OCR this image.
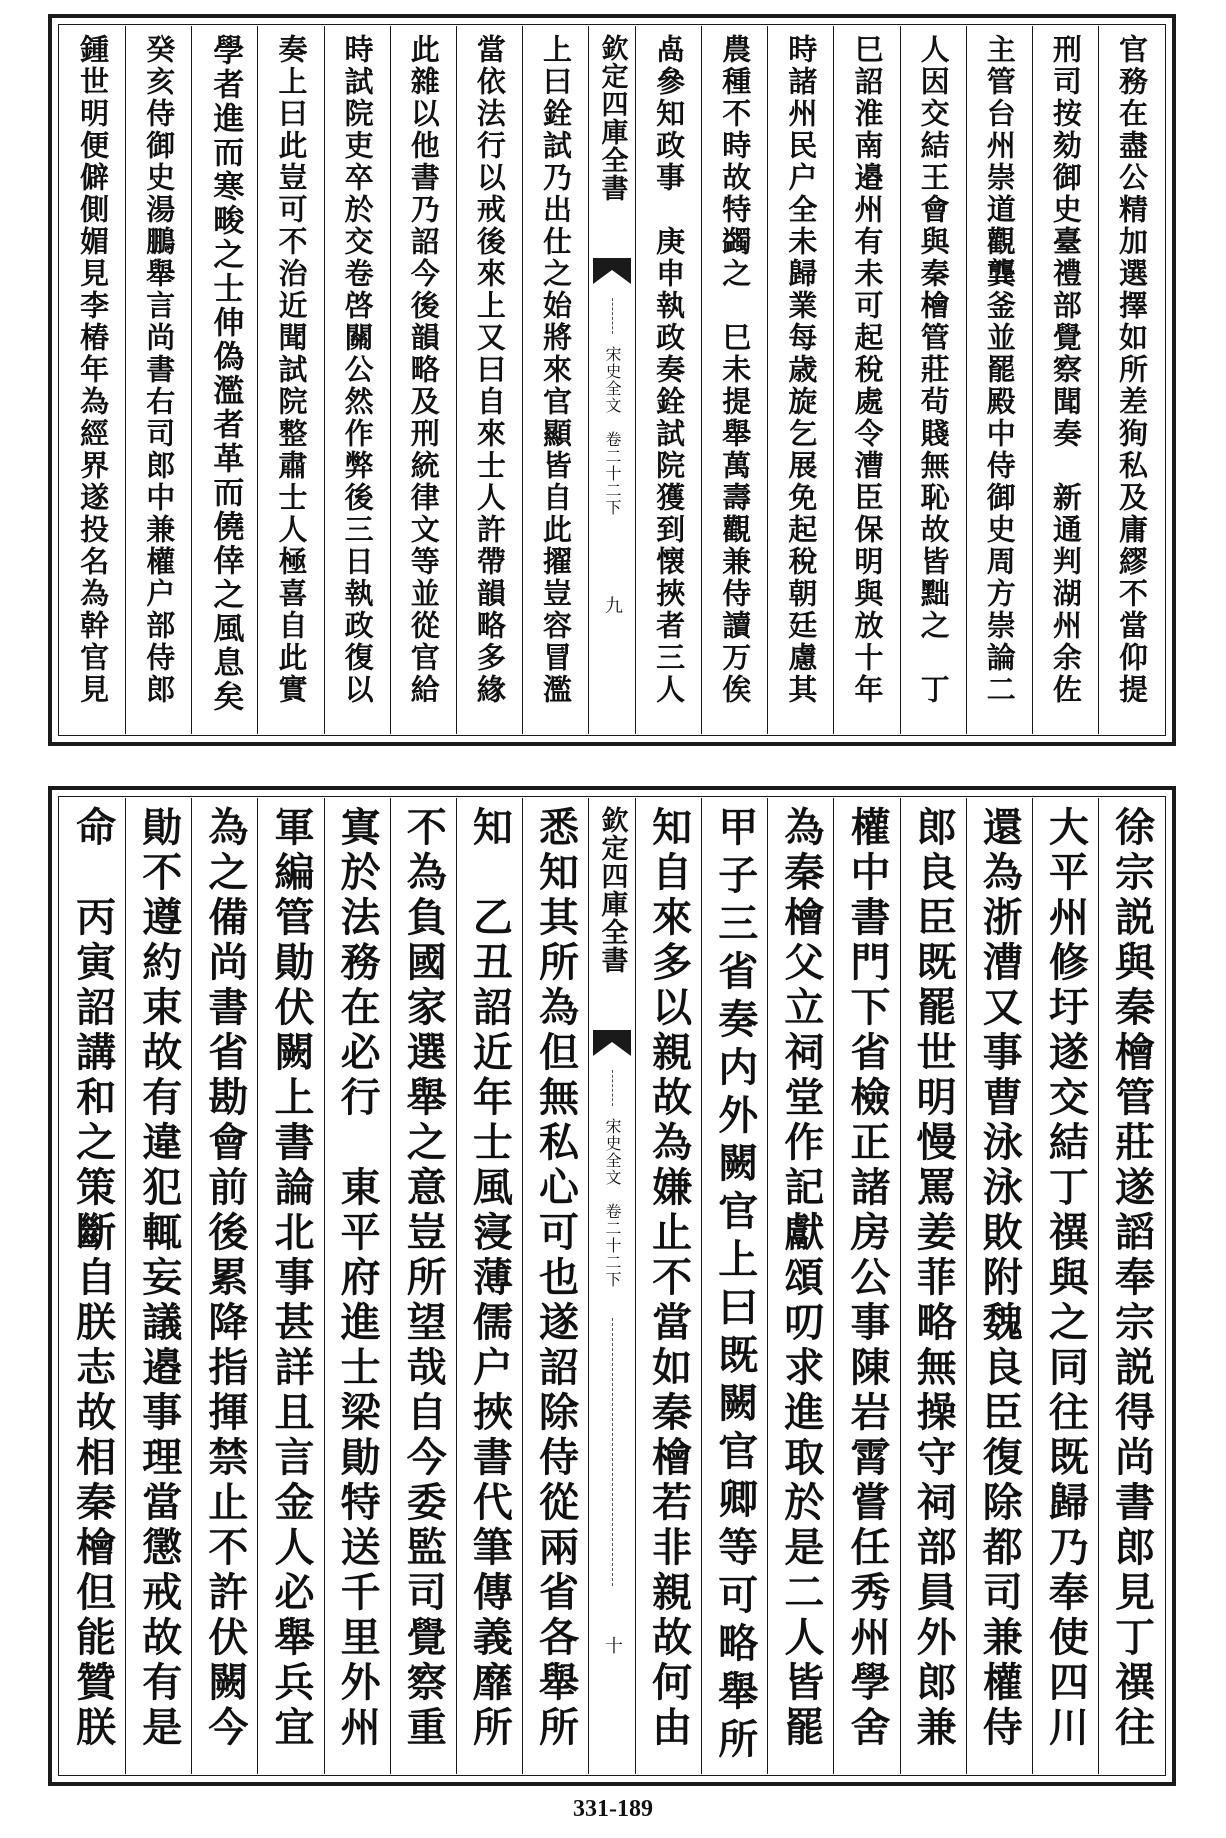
官務在盡公精加選擇如所差狥私及庸繆不當仰提
刑司按劾御史臺禮部覺察聞奏　新通判湖州余佐
主管台州崇道觀龔釜並罷殿中侍御史周方崇論二
人因交結王會與秦檜管莊茍賤無恥故皆黜之　丁
巳詔淮南邉州有未可起稅處令漕臣保明與放十年
時諸州民户全未歸業每歳旋乞展免起稅朝廷慮其
農種不時故特蠲之　巳未提舉萬壽觀兼侍讀万俟
卨參知政事　庚申執政奏銓試院獲到懐挾者三人
欽定四庫全書
宋史全文　卷二十二下
九
上曰銓試乃出仕之始將來官顯皆自此擢豈容冒濫
當依法行以戒後來上又曰自來士人許帶韻略多緣
此雜以他書乃詔今後韻略及刑統律文等並從官給
時試院吏卒於交卷啓關公然作弊後三日執政復以
奏上曰此豈可不治近聞試院整肅士人極喜自此實
學者進而寒畯之士伸偽濫者革而僥倖之風息矣
癸亥侍御史湯鵬舉言尚書右司郎中兼權户部侍郎
鍾世明便僻側媚見李椿年為經界遂投名為幹官見
徐宗説與秦檜管莊遂謟奉宗説得尚書郎見丁禩往
大平州修圩遂交結丁禩與之同往既歸乃奉使四川
還為浙漕又事曹泳泳敗附魏良臣復除都司兼權侍
郎良臣既罷世明慢罵姜菲略無操守祠部員外郎兼
權中書門下省檢正諸房公事陳岩霄嘗任秀州學舍
為秦檜父立祠堂作記獻頌叨求進取於是二人皆罷
甲子三省奏内外闕官上曰既闕官卿等可略舉所
知自來多以親故為嫌止不當如秦檜若非親故何由
欽定四庫全書
宋史全文　卷二十二下
十
悉知其所為但無私心可也遂詔除侍從兩省各舉所
知　乙丑詔近年士風寖薄儒户挾書代筆傳義靡所
不為負國家選舉之意豈所望哉自今委監司覺察重
寘於法務在必行　東平府進士梁勛特送千里外州
軍編管勛伏闕上書論北事甚詳且言金人必舉兵宜
為之備尚書省勘會前後累降指揮禁止不許伏闕今
勛不遵約束故有違犯輒妄議邉事理當懲戒故有是
命　丙寅詔講和之策斷自朕志故相秦檜但能贊朕
331-189
